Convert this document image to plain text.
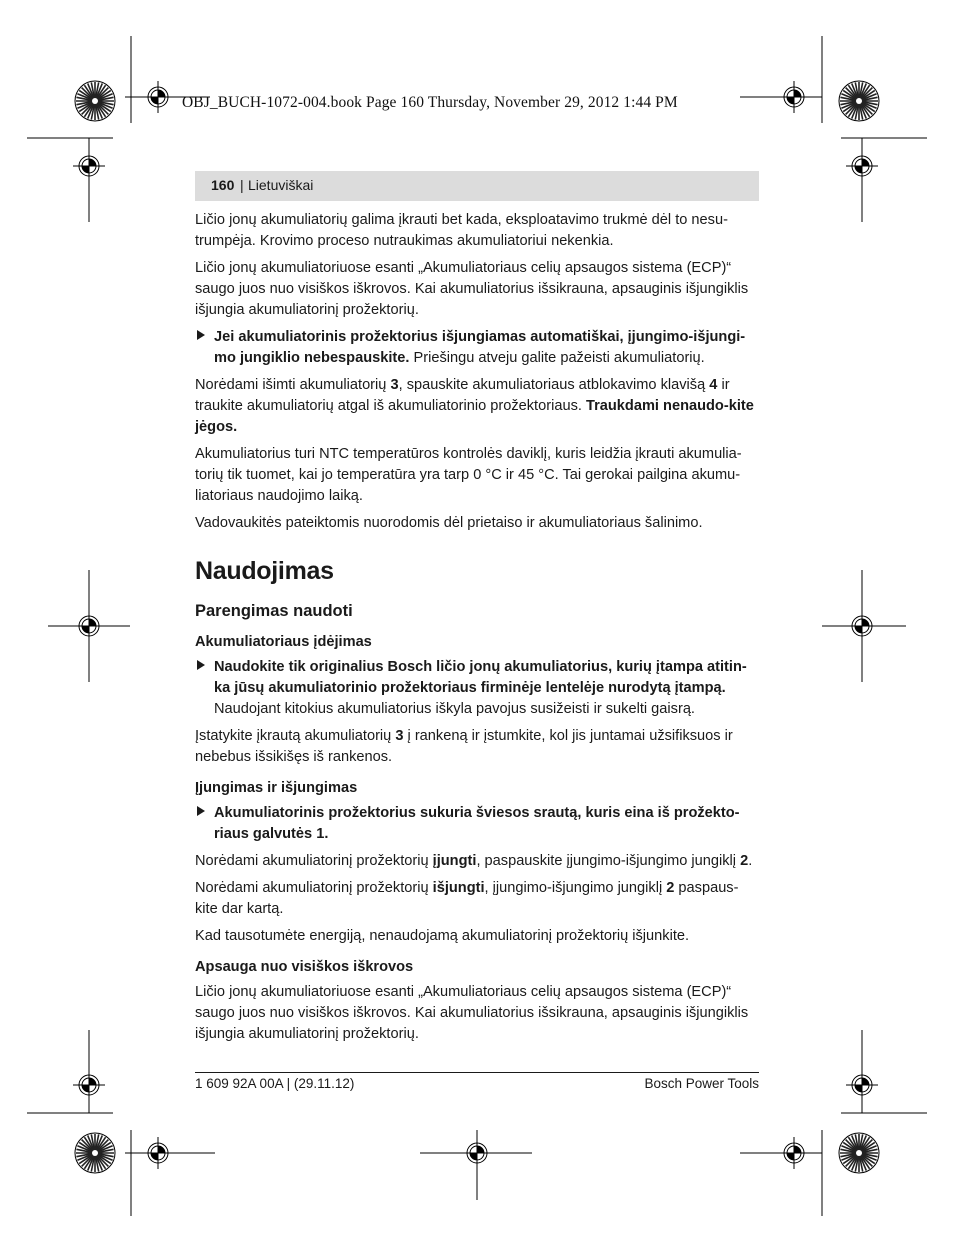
OBJ_BUCH-1072-004.book Page 160 Thursday, November 29, 2012 1:44 PM
160 | Lietuviškai

Ličio jonų akumuliatorių galima įkrauti bet kada, eksploatavimo trukmė dėl to nesu-trumpėja. Krovimo proceso nutraukimas akumuliatoriui nekenkia.

Ličio jonų akumuliatoriuose esanti „Akumuliatoriaus celių apsaugos sistema (ECP)“ saugo juos nuo visiškos iškrovos. Kai akumuliatorius išsikrauna, apsauginis išjungiklis išjungia akumuliatorinį prožektorių.

Jei akumuliatorinis prožektorius išjungiamas automatiškai, įjungimo-išjungi-mo jungiklio nebespauskite. Priešingu atveju galite pažeisti akumuliatorių.

Norėdami išimti akumuliatorių 3, spauskite akumuliatoriaus atblokavimo klavišą 4 ir traukite akumuliatorių atgal iš akumuliatorinio prožektoriaus. Traukdami nenaudo-kite jėgos.

Akumuliatorius turi NTC temperatūros kontrolės daviklį, kuris leidžia įkrauti akumulia-torių tik tuomet, kai jo temperatūra yra tarp 0 °C ir 45 °C. Tai gerokai pailgina akumu-liatoriaus naudojimo laiką.

Vadovaukitės pateiktomis nuorodomis dėl prietaiso ir akumuliatoriaus šalinimo.

Naudojimas
Parengimas naudoti
Akumuliatoriaus įdėjimas
Naudokite tik originalius Bosch ličio jonų akumuliatorius, kurių įtampa atitin-ka jūsų akumuliatorinio prožektoriaus firminėje lentelėje nurodytą įtampą.
Naudojant kitokius akumuliatorius iškyla pavojus susižeisti ir sukelti gaisrą.

Įstatykite įkrautą akumuliatorių 3 į rankeną ir įstumkite, kol jis juntamai užsifiksuos ir nebebus išsikišęs iš rankenos.

Įjungimas ir išjungimas
Akumuliatorinis prožektorius sukuria šviesos srautą, kuris eina iš prožekto-riaus galvutės 1.

Norėdami akumuliatorinį prožektorių įjungti, paspauskite įjungimo-išjungimo jungiklį 2.

Norėdami akumuliatorinį prožektorių išjungti, įjungimo-išjungimo jungiklį 2 paspaus-kite dar kartą.

Kad tausotumėte energiją, nenaudojamą akumuliatorinį prožektorių išjunkite.

Apsauga nuo visiškos iškrovos

Ličio jonų akumuliatoriuose esanti „Akumuliatoriaus celių apsaugos sistema (ECP)“ saugo juos nuo visiškos iškrovos. Kai akumuliatorius išsikrauna, apsauginis išjungiklis išjungia akumuliatorinį prožektorių.

1 609 92A 00A | (29.11.12)	Bosch Power Tools
